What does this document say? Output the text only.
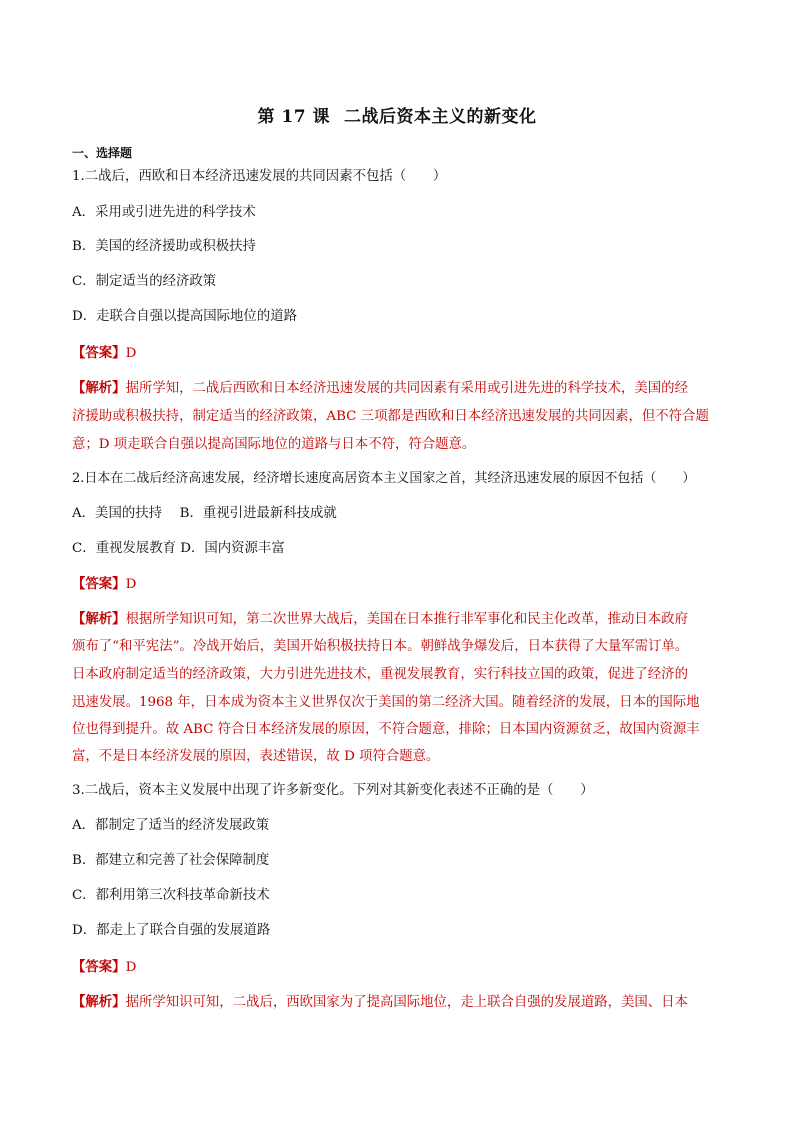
第 17 课 二战后资本主义的新变化
一、选择题
1.二战后，西欧和日本经济迅速发展的共同因素不包括（　　）
A．采用或引进先进的科学技术
B．美国的经济援助或积极扶持
C．制定适当的经济政策
D．走联合自强以提高国际地位的道路
【答案】D
【解析】据所学知，二战后西欧和日本经济迅速发展的共同因素有采用或引进先进的科学技术，美国的经
济援助或积极扶持，制定适当的经济政策，ABC 三项都是西欧和日本经济迅速发展的共同因素，但不符合题
意；D 项走联合自强以提高国际地位的道路与日本不符，符合题意。
2.日本在二战后经济高速发展，经济增长速度高居资本主义国家之首，其经济迅速发展的原因不包括（　　）
A．美国的扶持　 B．重视引进最新科技成就
C．重视发展教育 D．国内资源丰富
【答案】D
【解析】根据所学知识可知，第二次世界大战后，美国在日本推行非军事化和民主化改革，推动日本政府
颁布了“和平宪法”。冷战开始后，美国开始积极扶持日本。朝鲜战争爆发后，日本获得了大量军需订单。
日本政府制定适当的经济政策，大力引进先进技术，重视发展教育，实行科技立国的政策，促进了经济的
迅速发展。1968 年，日本成为资本主义世界仅次于美国的第二经济大国。随着经济的发展，日本的国际地
位也得到提升。故 ABC 符合日本经济发展的原因，不符合题意，排除；日本国内资源贫乏，故国内资源丰
富，不是日本经济发展的原因，表述错误，故 D 项符合题意。
3.二战后，资本主义发展中出现了许多新变化。下列对其新变化表述不正确的是（　　）
A．都制定了适当的经济发展政策
B．都建立和完善了社会保障制度
C．都利用第三次科技革命新技术
D．都走上了联合自强的发展道路
【答案】D
【解析】据所学知识可知，二战后，西欧国家为了提高国际地位，走上联合自强的发展道路，美国、日本
